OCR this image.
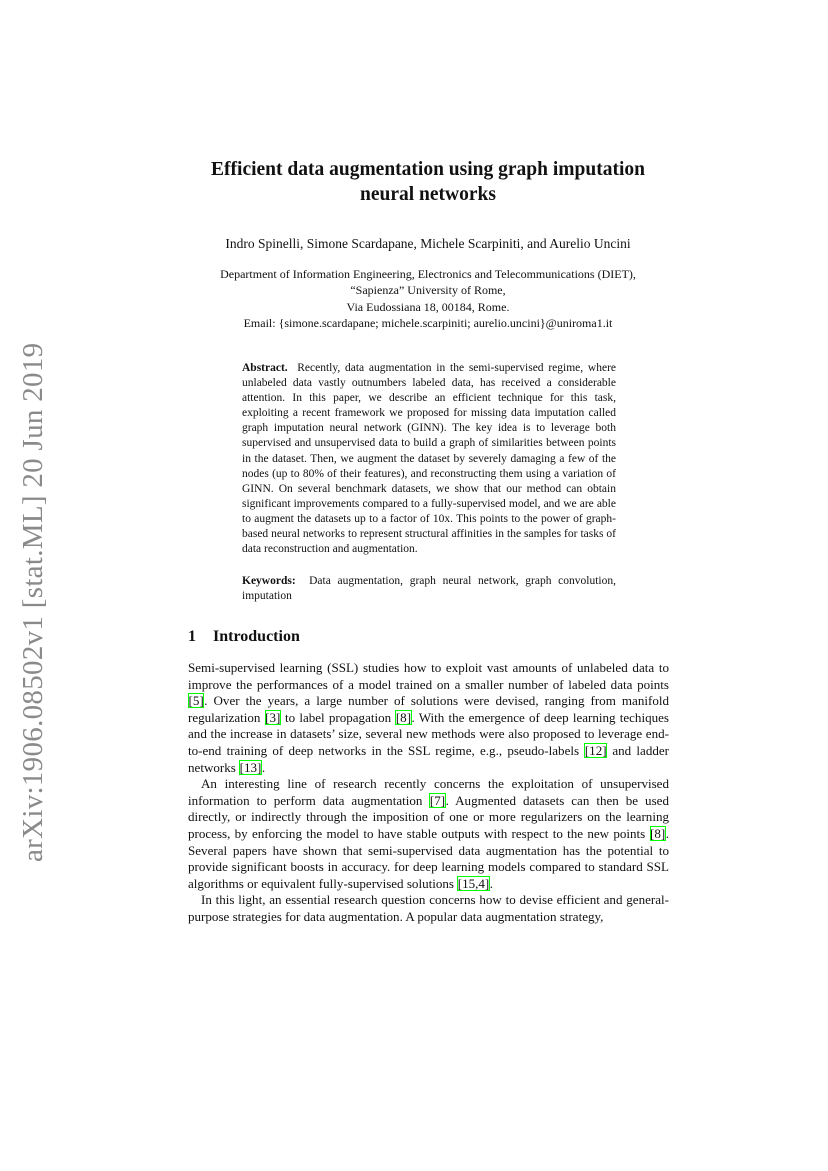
arXiv:1906.08502v1 [stat.ML] 20 Jun 2019
Efficient data augmentation using graph imputation
neural networks
Indro Spinelli, Simone Scardapane, Michele Scarpiniti, and Aurelio Uncini
Department of Information Engineering, Electronics and Telecommunications (DIET),
“Sapienza” University of Rome,
Via Eudossiana 18, 00184, Rome.
Email: {simone.scardapane; michele.scarpiniti; aurelio.uncini}@uniroma1.it
Abstract. Recently, data augmentation in the semi-supervised regime, where unlabeled data vastly outnumbers labeled data, has received a considerable attention. In this paper, we describe an efficient technique for this task, exploiting a recent framework we proposed for missing data imputation called graph imputation neural network (GINN). The key idea is to leverage both supervised and unsupervised data to build a graph of similarities between points in the dataset. Then, we augment the dataset by severely damaging a few of the nodes (up to 80% of their features), and reconstructing them using a variation of GINN. On several benchmark datasets, we show that our method can obtain significant improvements compared to a fully-supervised model, and we are able to augment the datasets up to a factor of 10x. This points to the power of graph-based neural networks to represent structural affinities in the samples for tasks of data reconstruction and augmentation.
Keywords: Data augmentation, graph neural network, graph convolution, imputation
1 Introduction

Semi-supervised learning (SSL) studies how to exploit vast amounts of unlabeled data to improve the performances of a model trained on a smaller number of labeled data points [5]. Over the years, a large number of solutions were devised, ranging from manifold regularization [3] to label propagation [8]. With the emergence of deep learning techiques and the increase in datasets’ size, several new methods were also proposed to leverage end-to-end training of deep networks in the SSL regime, e.g., pseudo-labels [12] and ladder networks [13].

An interesting line of research recently concerns the exploitation of unsupervised information to perform data augmentation [7]. Augmented datasets can then be used directly, or indirectly through the imposition of one or more regularizers on the learning process, by enforcing the model to have stable outputs with respect to the new points [8]. Several papers have shown that semi-supervised data augmentation has the potential to provide significant boosts in accuracy. for deep learning models compared to standard SSL algorithms or equivalent fully-supervised solutions [15,4].

In this light, an essential research question concerns how to devise efficient and general-purpose strategies for data augmentation. A popular data augmentation strategy,
